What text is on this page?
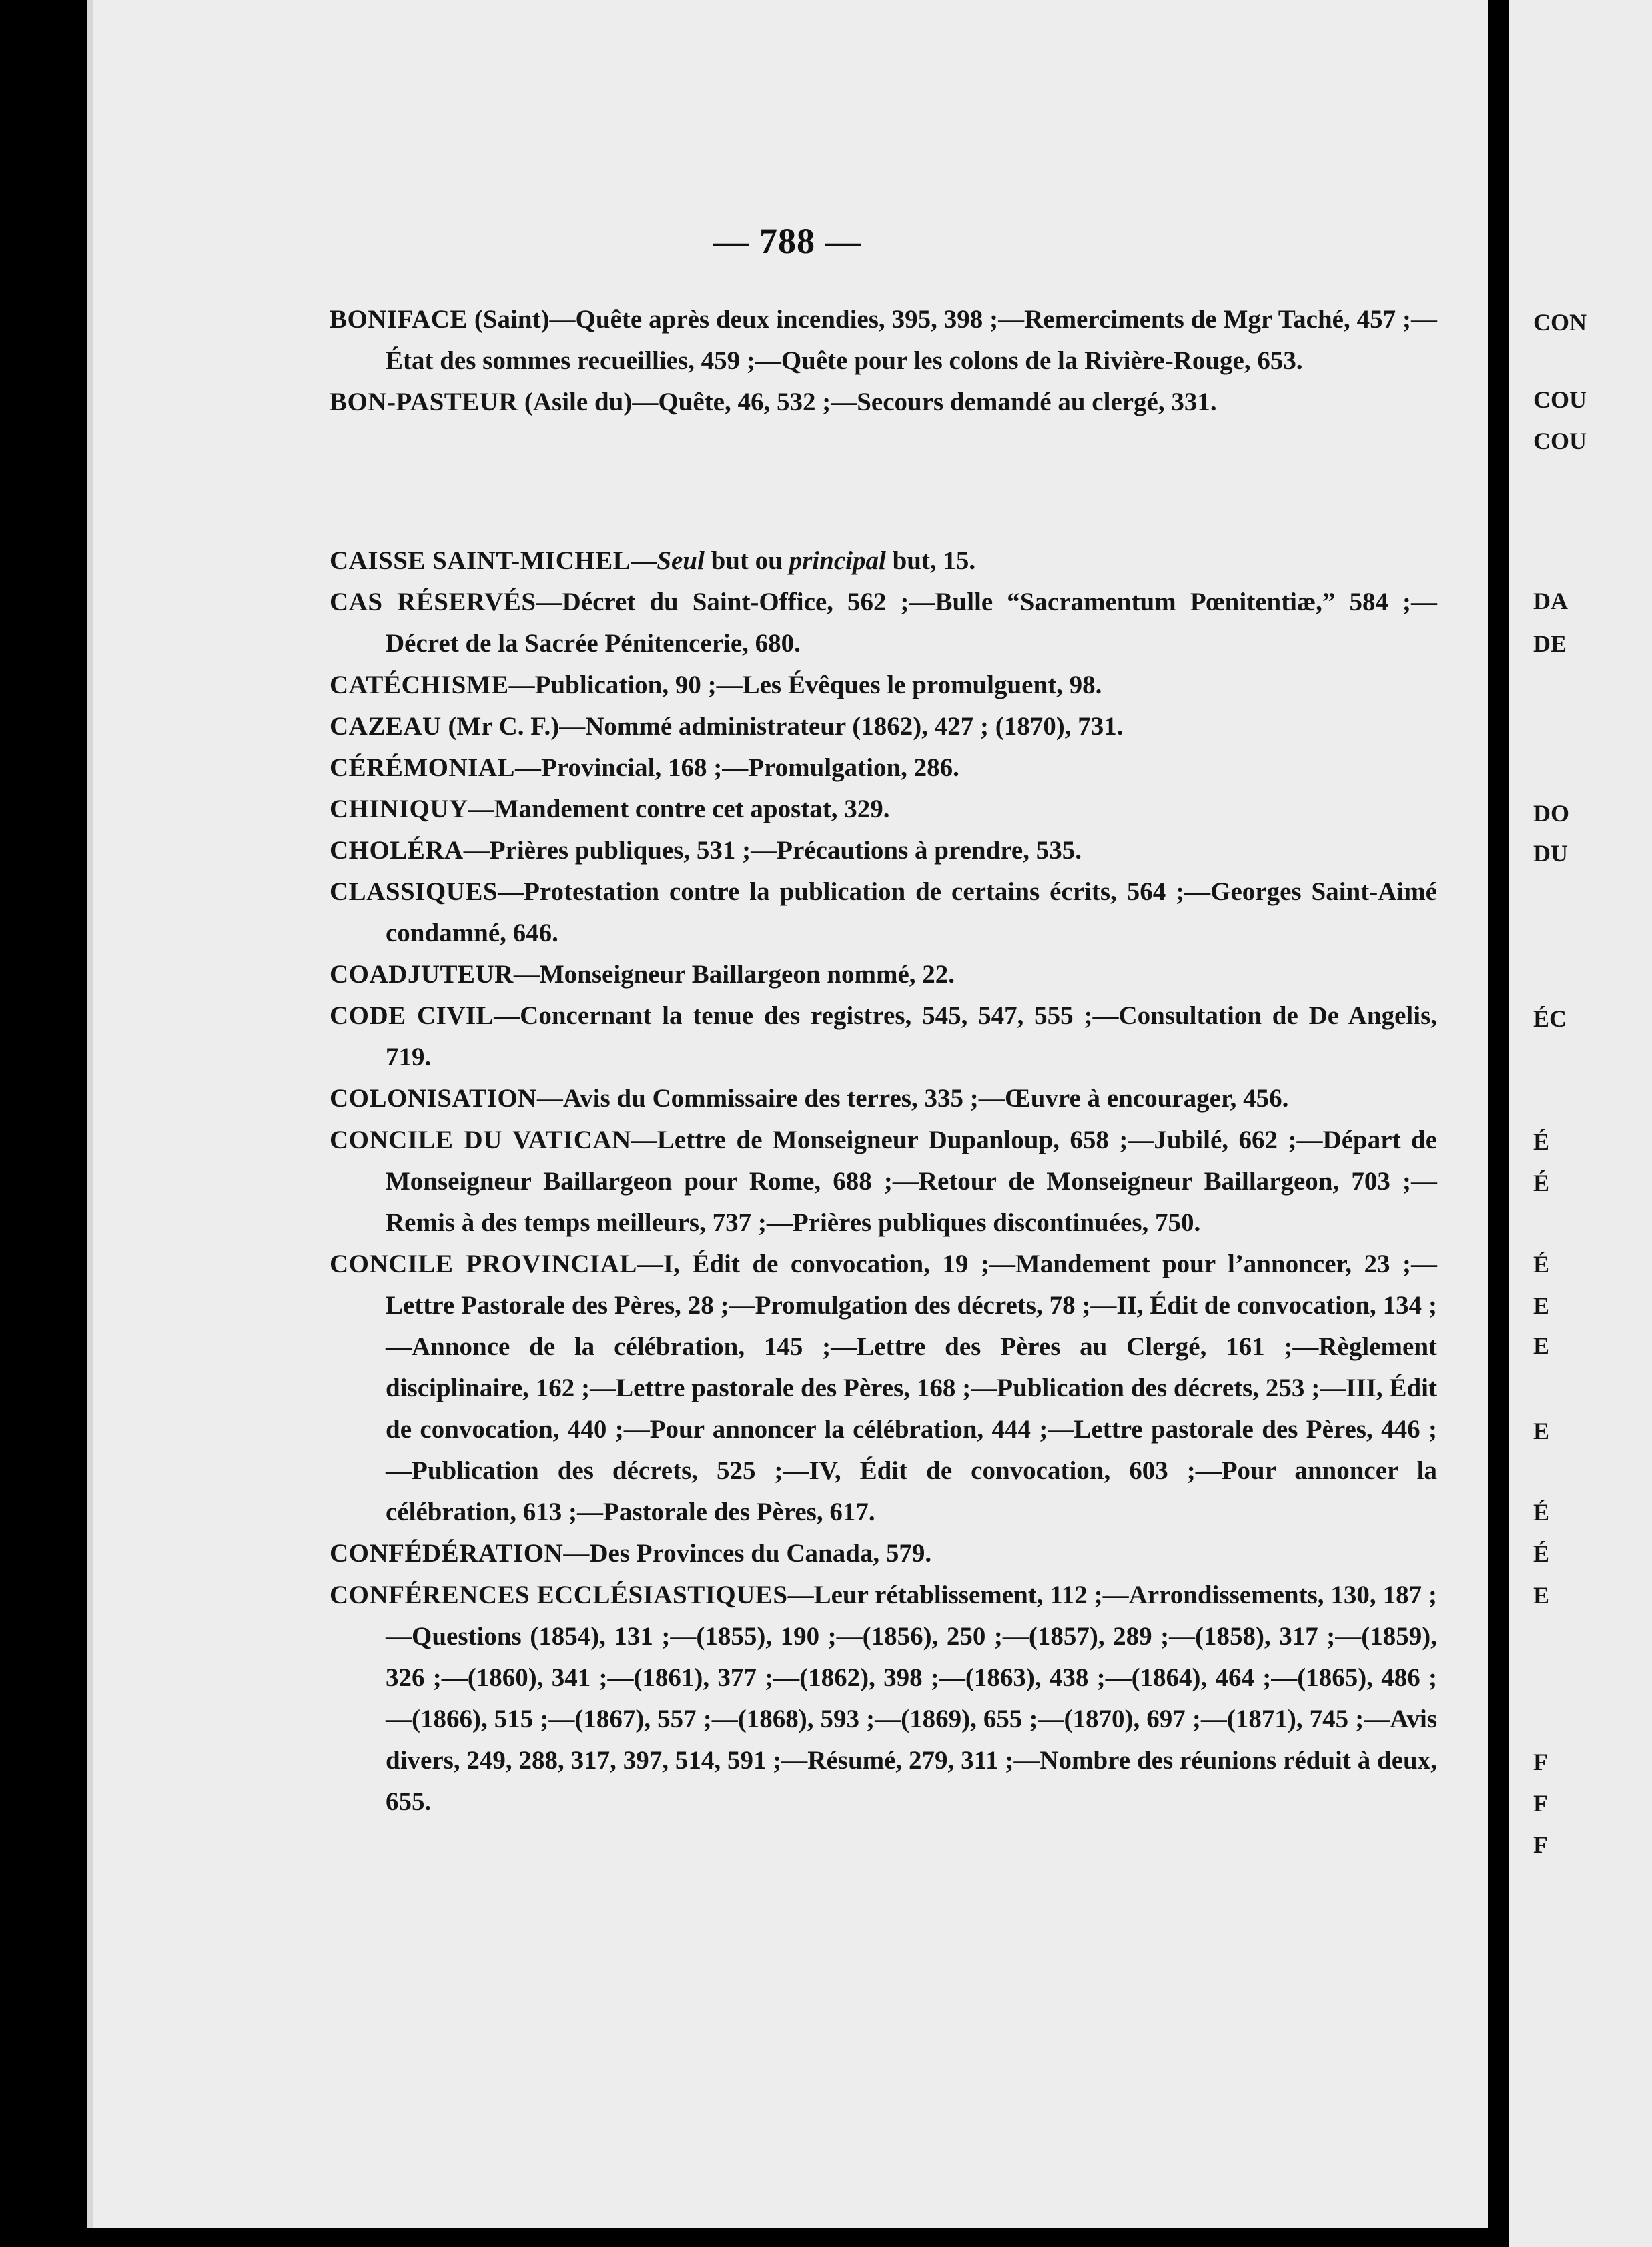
— 788 —

BONIFACE (Saint)—Quête après deux incendies, 395, 398 ;—Remerciments de Mgr Taché, 457 ;—État des sommes recueillies, 459 ;—Quête pour les colons de la Rivière-Rouge, 653.

BON-PASTEUR (Asile du)—Quête, 46, 532 ;—Secours demandé au clergé, 331.

CAISSE SAINT-MICHEL—Seul but ou principal but, 15.

CAS RÉSERVÉS—Décret du Saint-Office, 562 ;—Bulle “Sacramentum Pœnitentiæ,” 584 ;—Décret de la Sacrée Pénitencerie, 680.

CATÉCHISME—Publication, 90 ;—Les Évêques le promulguent, 98.

CAZEAU (Mr C. F.)—Nommé administrateur (1862), 427 ; (1870), 731.

CÉRÉMONIAL—Provincial, 168 ;—Promulgation, 286.

CHINIQUY—Mandement contre cet apostat, 329.

CHOLÉRA—Prières publiques, 531 ;—Précautions à prendre, 535.

CLASSIQUES—Protestation contre la publication de certains écrits, 564 ;—Georges Saint-Aimé condamné, 646.

COADJUTEUR—Monseigneur Baillargeon nommé, 22.

CODE CIVIL—Concernant la tenue des registres, 545, 547, 555 ;—Consultation de De Angelis, 719.

COLONISATION—Avis du Commissaire des terres, 335 ;—Œuvre à encourager, 456.

CONCILE DU VATICAN—Lettre de Monseigneur Dupanloup, 658 ;—Jubilé, 662 ;—Départ de Monseigneur Baillargeon pour Rome, 688 ;—Retour de Monseigneur Baillargeon, 703 ;—Remis à des temps meilleurs, 737 ;—Prières publiques discontinuées, 750.

CONCILE PROVINCIAL—I, Édit de convocation, 19 ;—Mandement pour l’annoncer, 23 ;—Lettre Pastorale des Pères, 28 ;—Promulgation des décrets, 78 ;—II, Édit de convocation, 134 ;—Annonce de la célébration, 145 ;—Lettre des Pères au Clergé, 161 ;—Règlement disciplinaire, 162 ;—Lettre pastorale des Pères, 168 ;—Publication des décrets, 253 ;—III, Édit de convocation, 440 ;—Pour annoncer la célébration, 444 ;—Lettre pastorale des Pères, 446 ;—Publication des décrets, 525 ;—IV, Édit de convocation, 603 ;—Pour annoncer la célébration, 613 ;—Pastorale des Pères, 617.

CONFÉDÉRATION—Des Provinces du Canada, 579.

CONFÉRENCES ECCLÉSIASTIQUES—Leur rétablissement, 112 ;—Arrondissements, 130, 187 ;—Questions (1854), 131 ;—(1855), 190 ;—(1856), 250 ;—(1857), 289 ;—(1858), 317 ;—(1859), 326 ;—(1860), 341 ;—(1861), 377 ;—(1862), 398 ;—(1863), 438 ;—(1864), 464 ;—(1865), 486 ;—(1866), 515 ;—(1867), 557 ;—(1868), 593 ;—(1869), 655 ;—(1870), 697 ;—(1871), 745 ;—Avis divers, 249, 288, 317, 397, 514, 591 ;—Résumé, 279, 311 ;—Nombre des réunions réduit à deux, 655.

CON
COU
COU
DA
DE
DO
DU
ÉC
É
É
É
E
E
E
É
É
E
F
F
F
